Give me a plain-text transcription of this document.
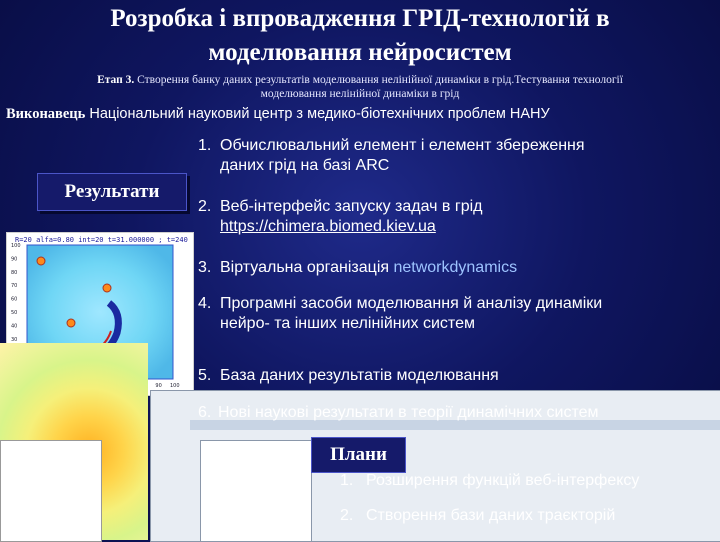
Розробка і впровадження ГРІД-технологій в
моделювання нейросистем
Етап 3. Створення банку даних результатів моделювання нелінійної динаміки в грід.Тестування технології
моделювання нелінійної динаміки в грід
Виконавець Національний науковий центр з медико-біотехнічних проблем НАНУ
Результати
R=20 alfa=0.80 int=20 t=31.000000 ; t=240
90 100
100
90
80
70
60
50
40
30
1. Обчислювальний елемент і елемент збереження
даних грід на базі ARC
2. Веб-інтерфейс запуску задач в грід
https://chimera.biomed.kiev.ua
3. Віртуальна організація networkdynamics
4. Програмні засоби моделювання й аналізу динаміки
нейро- та інших нелінійних систем
5. База даних результатів моделювання
6. Нові наукові результати в теорії динамічних систем
Плани
1. Розширення функцій веб-інтерфексу
2. Створення бази даних траєкторій
